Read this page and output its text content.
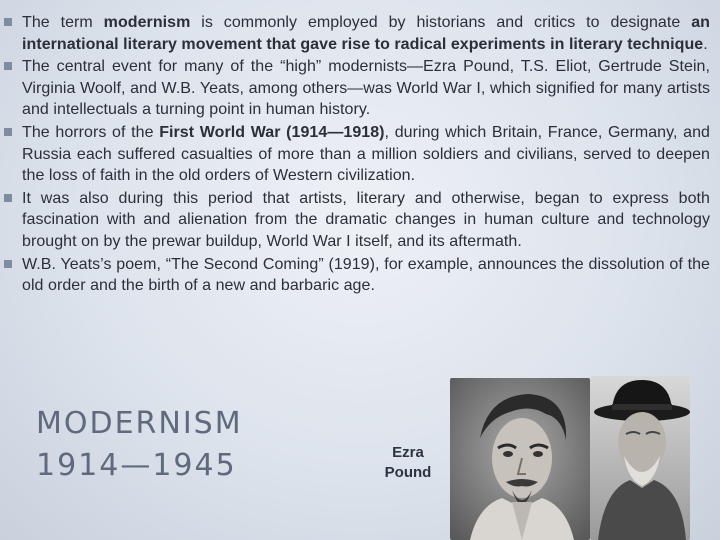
The term modernism is commonly employed by historians and critics to designate an international literary movement that gave rise to radical experiments in literary technique.
The central event for many of the “high” modernists—Ezra Pound, T.S. Eliot, Gertrude Stein, Virginia Woolf, and W.B. Yeats, among others—was World War I, which signified for many artists and intellectuals a turning point in human history.
The horrors of the First World War (1914—1918), during which Britain, France, Germany, and Russia each suffered casualties of more than a million soldiers and civilians, served to deepen the loss of faith in the old orders of Western civilization.
It was also during this period that artists, literary and otherwise, began to express both fascination with and alienation from the dramatic changes in human culture and technology brought on by the prewar buildup, World War I itself, and its aftermath.
W.B. Yeats’s poem, “The Second Coming” (1919), for example, announces the dissolution of the old order and the birth of a new and barbaric age.
MODERNISM
1914—1945	Ezra
Pound
